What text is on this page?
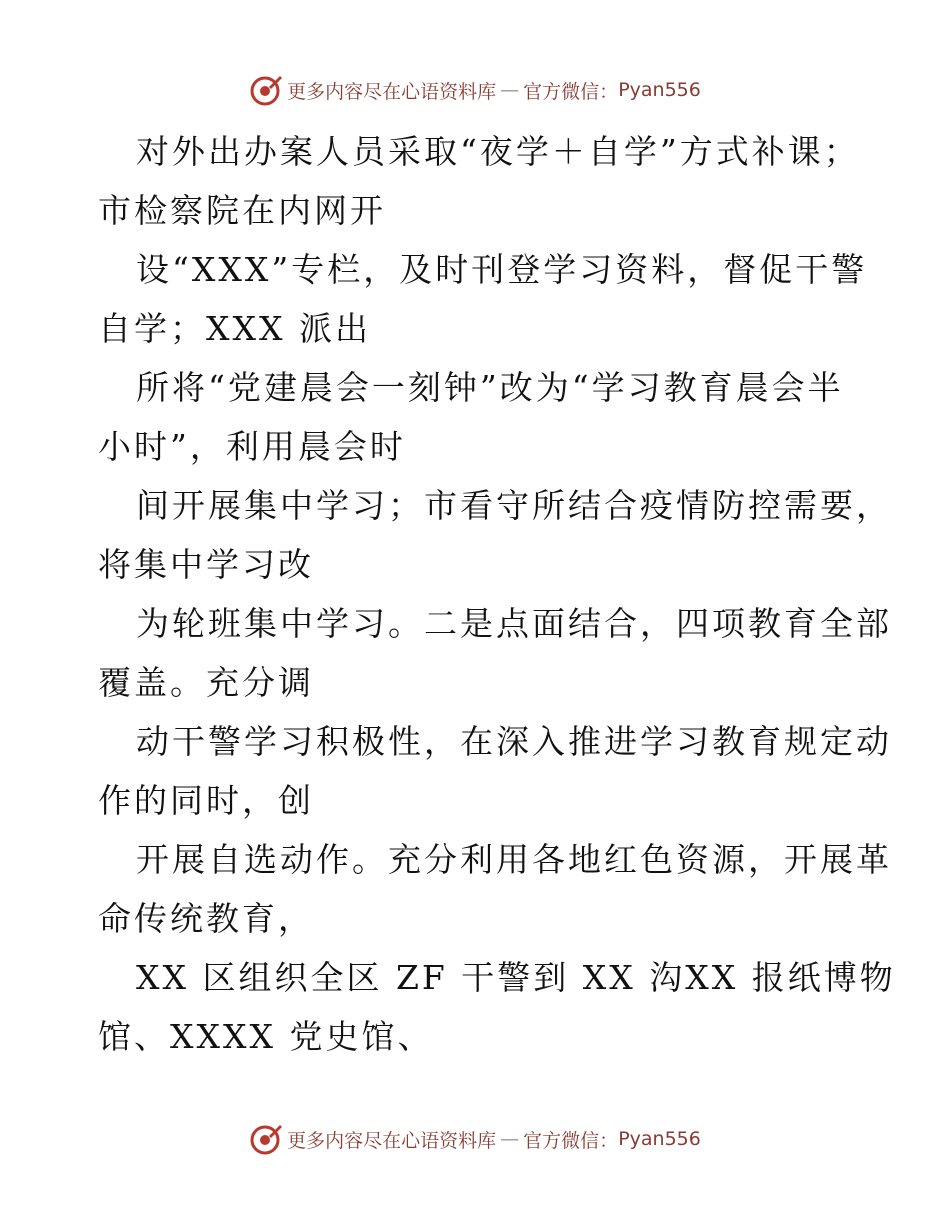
更多内容尽在心语资料库 — 官方微信： Pyan556

对外出办案人员采取“夜学＋自学”方式补课；
市检察院在内网开

设“XXX”专栏，及时刊登学习资料，督促干警
自学；XXX 派出

所将“党建晨会一刻钟”改为“学习教育晨会半
小时”，利用晨会时

间开展集中学习；市看守所结合疫情防控需要，
将集中学习改

为轮班集中学习。二是点面结合，四项教育全部
覆盖。充分调

动干警学习积极性，在深入推进学习教育规定动
作的同时，创

开展自选动作。充分利用各地红色资源，开展革
命传统教育，

XX 区组织全区 ZF 干警到 XX 沟XX 报纸博物
馆、XXXX 党史馆、

更多内容尽在心语资料库 — 官方微信： Pyan556
